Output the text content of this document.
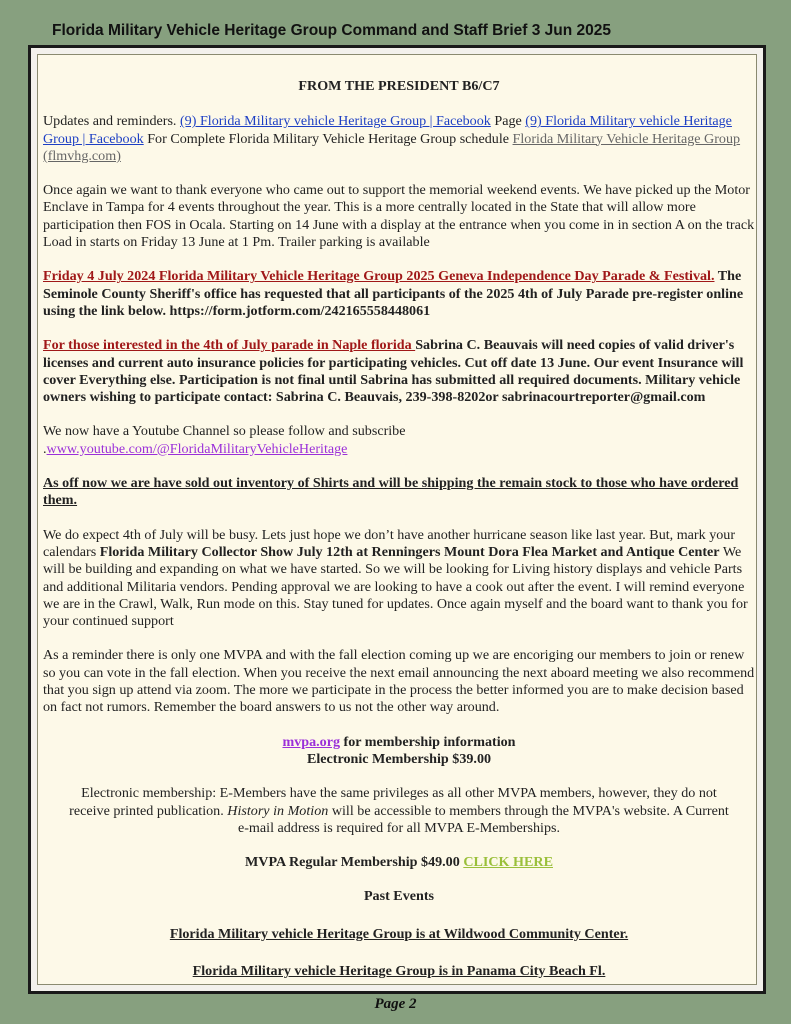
Florida Military Vehicle Heritage Group Command and Staff Brief 3 Jun 2025

FROM THE PRESIDENT B6/C7

Updates and reminders. (9) Florida Military vehicle Heritage Group | Facebook Page (9) Florida Military vehicle Heritage Group | Facebook For Complete Florida Military Vehicle Heritage Group schedule Florida Military Vehicle Heritage Group (flmvhg.com)

Once again we want to thank everyone who came out to support the memorial weekend events. We have picked up the Motor Enclave in Tampa for 4 events throughout the year. This is a more centrally located in the State that will allow more participation then FOS in Ocala. Starting on 14 June with a display at the entrance when you come in in section A on the track Load in starts on Friday 13 June at 1 Pm. Trailer parking is available

Friday 4 July 2024 Florida Military Vehicle Heritage Group 2025 Geneva Independence Day Parade & Festival. The Seminole County Sheriff's office has requested that all participants of the 2025 4th of July Parade pre-register online using the link below. https://form.jotform.com/242165558448061

For those interested in the 4th of July parade in Naple florida Sabrina C. Beauvais will need copies of valid driver's licenses and current auto insurance policies for participating vehicles. Cut off date 13 June. Our event Insurance will cover Everything else. Participation is not final until Sabrina has submitted all required documents. Military vehicle owners wishing to participate contact: Sabrina C. Beauvais, 239-398-8202or sabrinacourtreporter@gmail.com

We now have a Youtube Channel so please follow and subscribe
.www.youtube.com/@FloridaMilitaryVehicleHeritage

As off now we are have sold out inventory of Shirts and will be shipping the remain stock to those who have ordered them.

We do expect 4th of July will be busy. Lets just hope we don’t have another hurricane season like last year. But, mark your calendars Florida Military Collector Show July 12th at Renningers Mount Dora Flea Market and Antique Center We will be building and expanding on what we have started. So we will be looking for Living history displays and vehicle Parts and additional Militaria vendors. Pending approval we are looking to have a cook out after the event. I will remind everyone we are in the Crawl, Walk, Run mode on this. Stay tuned for updates. Once again myself and the board want to thank you for your continued support

As a reminder there is only one MVPA and with the fall election coming up we are encoriging our members to join or renew so you can vote in the fall election. When you receive the next email announcing the next aboard meeting we also recommend that you sign up attend via zoom. The more we participate in the process the better informed you are to make decision based on fact not rumors. Remember the board answers to us not the other way around.

mvpa.org for membership information
Electronic Membership $39.00

Electronic membership: E-Members have the same privileges as all other MVPA members, however, they do not receive printed publication. History in Motion will be accessible to members through the MVPA's website. A Current e-mail address is required for all MVPA E-Memberships.

MVPA Regular Membership $49.00 CLICK HERE

Past Events

Florida Military vehicle Heritage Group is at Wildwood Community Center.

Florida Military vehicle Heritage Group is in Panama City Beach Fl.

Page 2
